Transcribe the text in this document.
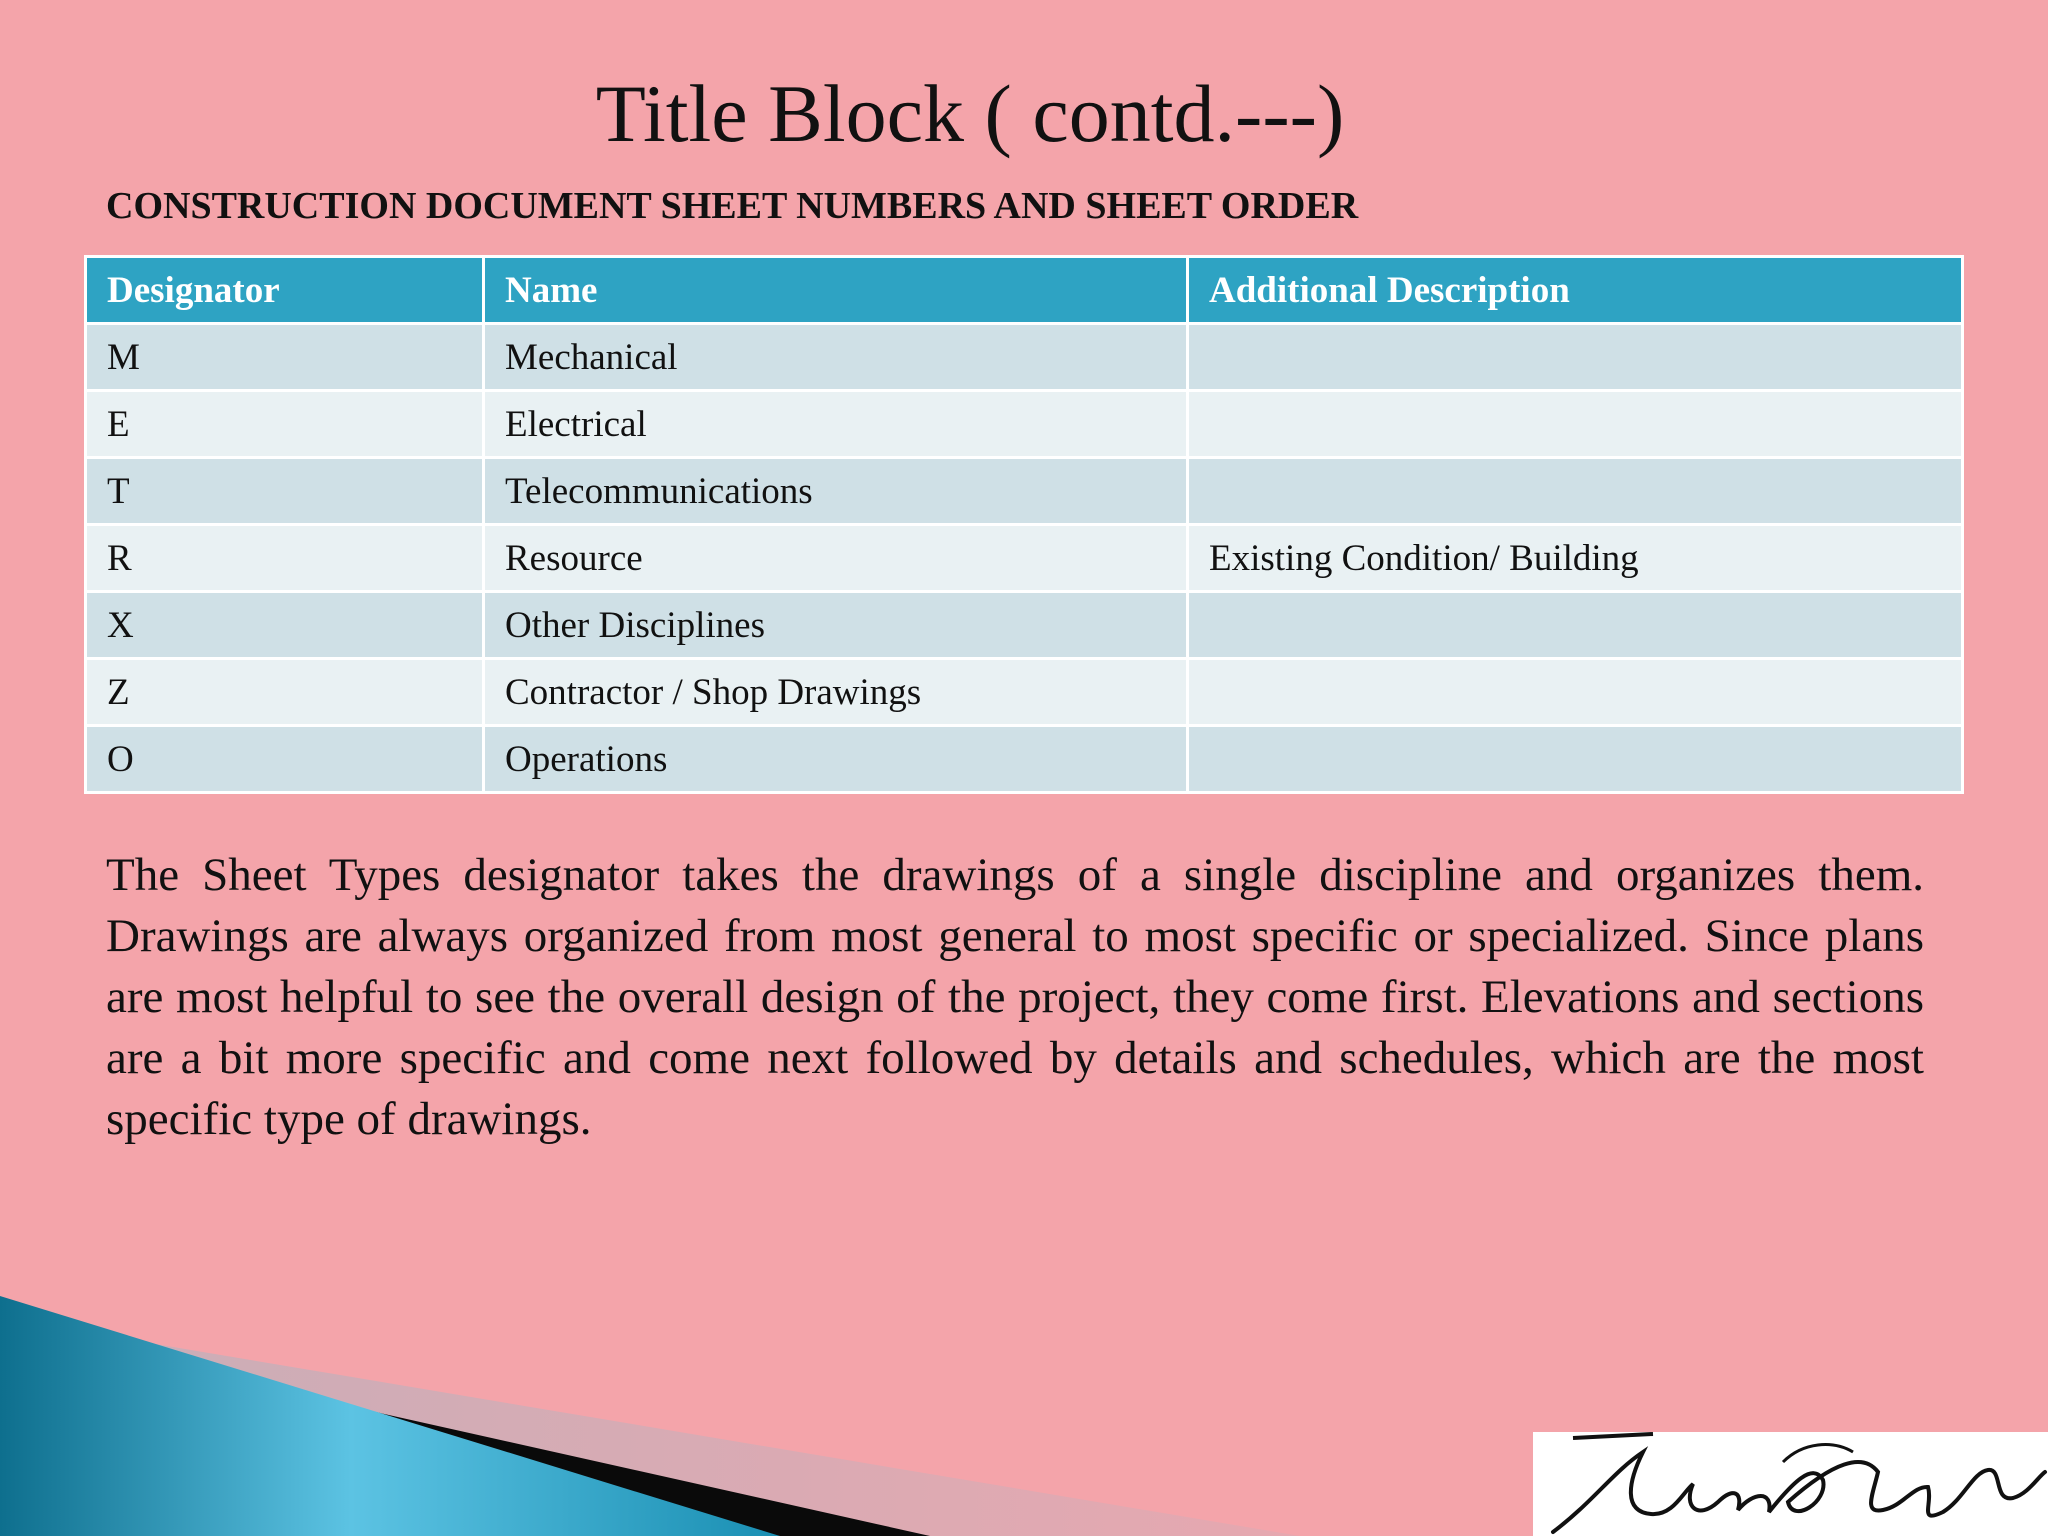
Title Block ( contd.---)
CONSTRUCTION DOCUMENT SHEET NUMBERS AND SHEET ORDER
Designator	Name	Additional Description
M	Mechanical	
E	Electrical	
T	Telecommunications	
R	Resource	Existing Condition/ Building
X	Other Disciplines	
Z	Contractor / Shop Drawings	
O	Operations	

The Sheet Types designator takes the drawings of a single discipline and organizes them. Drawings are always organized from most general to most specific or specialized. Since plans are most helpful to see the overall design of the project, they come first. Elevations and sections are a bit more specific and come next followed by details and schedules, which are the most specific type of drawings.
